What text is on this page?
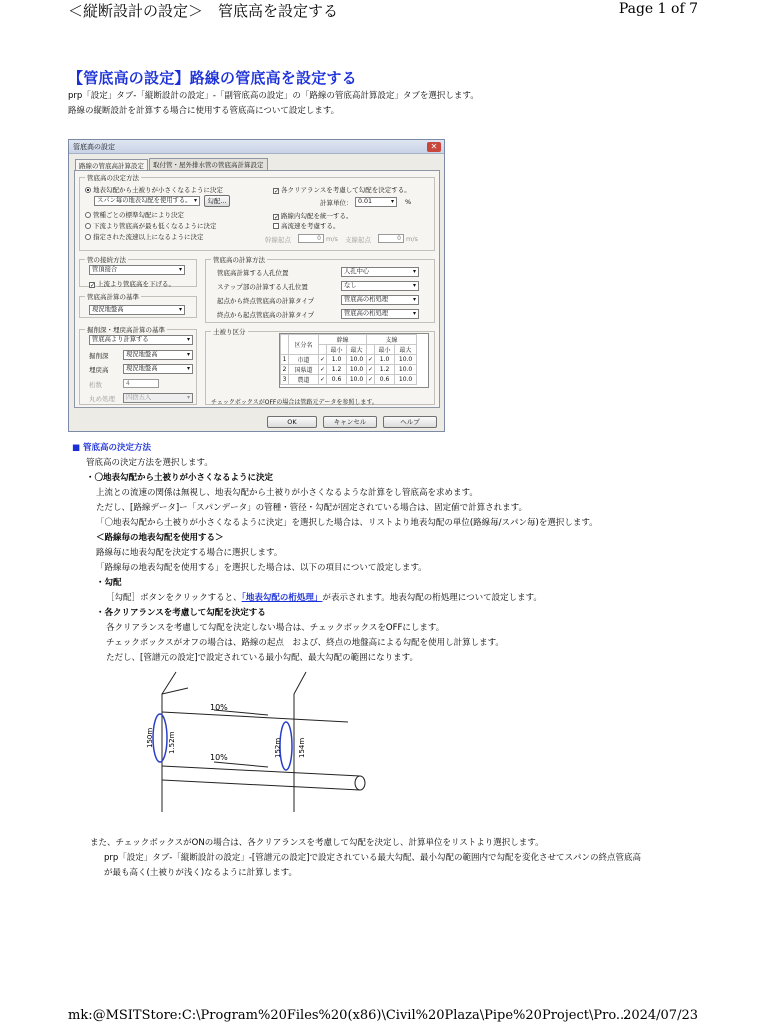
＜縦断設計の設定＞　管底高を設定する	Page 1 of 7
mk:@MSITStore:C:\Program%20Files%20(x86)\Civil%20Plaza\Pipe%20Project\Pro...
2024/07/23
【管底高の設定】路線の管底高を設定する
prp「設定」タブ-「縦断設計の設定」-「副管底高の設定」の「路線の管底高計算設定」タブを選択します。
路線の縦断設計を計算する場合に使用する管底高について設定します。
管底高の設定	✕
路線の管底高計算設定	取付管・屋外排水管の管底高計算設定
管底高の決定方法
地表勾配から土被りが小さくなるように決定
スパン毎の地表勾配を使用する。 ▾	勾配...
管種ごとの標準勾配により決定
下流より管底高が最も低くなるように決定
指定された流速以上になるように決定
✓ 各クリアランスを考慮して勾配を決定する。
計算単位： 0.01 ▾	%
✓ 路線内勾配を統一する。
高流速を考慮する。
幹線起点	0 m/s 支線起点	0 m/s
管の接続方法
管頂接合 ▾
✓ 上流より管底高を下げる。
管底高計算の基準
現況地盤高 ▾
掘削深・埋戻高計算の基準
管底高より計算する ▾
掘削深	現況地盤高 ▾
埋戻高	現況地盤高 ▾
桁数	4
丸め処理	四捨五入 ▾
管底高の計算方法
管底高計算する人孔位置	人孔中心 ▾
ステップ部の計算する人孔位置	なし ▾
起点から終点管底高の計算タイプ	管底高の桁処理 ▾
終点から起点管底高の計算タイプ	管底高の桁処理 ▾
土被り区分
チェックボックスがOFFの場合は管路元データを参照します。
	区分名	幹線			支線		
			最小	最大		最小	最大
1	市道	✓	1.0	10.0	✓	1.0	10.0
2	国県道	✓	1.2	10.0	✓	1.2	10.0
3	農道	✓	0.6	10.0	✓	0.6	10.0
OK	キャンセル	ヘルプ
■ 管底高の決定方法
管底高の決定方法を選択します。
・〇地表勾配から土被りが小さくなるように決定
上流との流速の関係は無視し、地表勾配から土被りが小さくなるような計算をし管底高を求めます。
ただし、[路線データ]ー「スパンデータ」の管種・管径・勾配が固定されている場合は、固定値で計算されます。
「〇地表勾配から土被りが小さくなるように決定」を選択した場合は、リストより地表勾配の単位(路線毎/スパン毎)を選択します。
＜路線毎の地表勾配を使用する＞
路線毎に地表勾配を決定する場合に選択します。
「路線毎の地表勾配を使用する」を選択した場合は、以下の項目について設定します。
・勾配
［勾配］ボタンをクリックすると、「地表勾配の桁処理」が表示されます。地表勾配の桁処理について設定します。
・各クリアランスを考慮して勾配を決定する
各クリアランスを考慮して勾配を決定しない場合は、チェックボックスをOFFにします。
チェックボックスがオフの場合は、路線の起点　および、終点の地盤高による勾配を使用し計算します。
ただし、[管譜元の設定]で設定されている最小勾配、最大勾配の範囲になります。
10%
10%
150m 1.52m	152m 154m
また、チェックボックスがONの場合は、各クリアランスを考慮して勾配を決定し、計算単位をリストより選択します。
prp「設定」タブ-「縦断設計の設定」-[管譜元の設定]で設定されている最大勾配、最小勾配の範囲内で勾配を変化させてスパンの終点管底高
が最も高く(土被りが浅く)なるように計算します。
